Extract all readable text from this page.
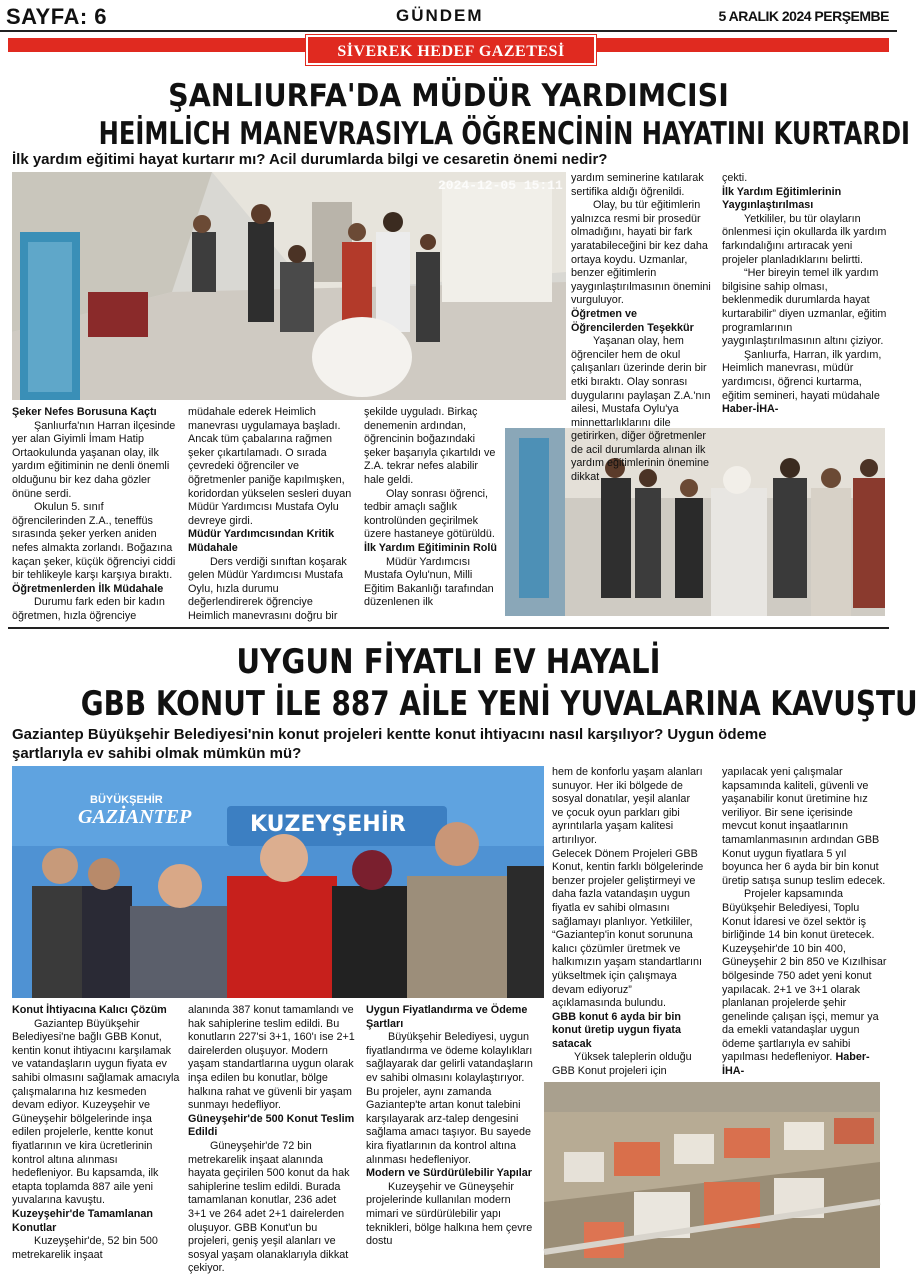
SAYFA: 6	GÜNDEM	5 ARALIK 2024 PERŞEMBE
SİVEREK HEDEF GAZETESİ
ŞANLIURFA'DA MÜDÜR YARDIMCISI
HEİMLİCH MANEVRASIYLA ÖĞRENCİNİN HAYATINI KURTARDI
İlk yardım eğitimi hayat kurtarır mı? Acil durumlarda bilgi ve cesaretin önemi nedir?
2024-12-05 15:11
Şeker Nefes Borusuna Kaçtı

Şanlıurfa'nın Harran ilçesinde yer alan Giyimli İmam Hatip Ortaokulunda yaşanan olay, ilk yardım eğitiminin ne denli önemli olduğunu bir kez daha gözler önüne serdi.

Okulun 5. sınıf öğrencilerinden Z.A., teneffüs sırasında şeker yerken aniden nefes almakta zorlandı. Boğazına kaçan şeker, küçük öğrenciyi ciddi bir tehlikeyle karşı karşıya bıraktı.

Öğretmenlerden İlk Müdahale

Durumu fark eden bir kadın öğretmen, hızla öğrenciye

müdahale ederek Heimlich manevrası uygulamaya başladı. Ancak tüm çabalarına rağmen şeker çıkartılamadı. O sırada çevredeki öğrenciler ve öğretmenler paniğe kapılmışken, koridordan yükselen sesleri duyan Müdür Yardımcısı Mustafa Oylu devreye girdi.

Müdür Yardımcısından Kritik Müdahale

Ders verdiği sınıftan koşarak gelen Müdür Yardımcısı Mustafa Oylu, hızla durumu değerlendirerek öğrenciye Heimlich manevrasını doğru bir

yardım seminerine katılarak sertifika aldığı öğrenildi.

Olay, bu tür eğitimlerin yalnızca resmi bir prosedür olmadığını, hayati bir fark yaratabileceğini bir kez daha ortaya koydu. Uzmanlar, benzer eğitimlerin yaygınlaştırılmasının önemini vurguluyor.

Öğretmen ve Öğrencilerden Teşekkür

Yaşanan olay, hem öğrenciler hem de okul çalışanları üzerinde derin bir etki bıraktı. Olay sonrası duygularını paylaşan Z.A.'nın ailesi, Mustafa Oylu'ya minnettarlıklarını dile getirirken, diğer öğretmenler de acil durumlarda alınan ilk yardım eğitimlerinin önemine dikkat

şekilde uyguladı. Birkaç denemenin ardından, öğrencinin boğazındaki şeker başarıyla çıkartıldı ve Z.A. tekrar nefes alabilir hale geldi.

Olay sonrası öğrenci, tedbir amaçlı sağlık kontrolünden geçirilmek üzere hastaneye götürüldü.

İlk Yardım Eğitiminin Rolü

Müdür Yardımcısı Mustafa Oylu'nun, Milli Eğitim Bakanlığı tarafından düzenlenen ilk

çekti.

İlk Yardım Eğitimlerinin Yaygınlaştırılması

Yetkililer, bu tür olayların önlenmesi için okullarda ilk yardım farkındalığını artıracak yeni projeler planladıklarını belirtti.

“Her bireyin temel ilk yardım bilgisine sahip olması, beklenmedik durumlarda hayat kurtarabilir” diyen uzmanlar, eğitim programlarının yaygınlaştırılmasının altını çiziyor.

Şanlıurfa, Harran, ilk yardım, Heimlich manevrası, müdür yardımcısı, öğrenci kurtarma, eğitim semineri, hayati müdahale Haber-İHA-

UYGUN FİYATLI EV HAYALİ
GBB KONUT İLE 887 AİLE YENİ YUVALARINA KAVUŞTU
Gaziantep Büyükşehir Belediyesi'nin konut projeleri kentte konut ihtiyacını nasıl karşılıyor? Uygun ödeme
şartlarıyla ev sahibi olmak mümkün mü?
BÜYÜKŞEHİR
GAZİANTEP	KUZEYŞEHİR
Konut İhtiyacına Kalıcı Çözüm

Gaziantep Büyükşehir Belediyesi'ne bağlı GBB Konut, kentin konut ihtiyacını karşılamak ve vatandaşların uygun fiyata ev sahibi olmasını sağlamak amacıyla çalışmalarına hız kesmeden devam ediyor. Kuzeyşehir ve Güneyşehir bölgelerinde inşa edilen projelerle, kentte konut fiyatlarının ve kira ücretlerinin kontrol altına alınması hedefleniyor. Bu kapsamda, ilk etapta toplamda 887 aile yeni yuvalarına kavuştu.

Kuzeyşehir'de Tamamlanan Konutlar

Kuzeyşehir'de, 52 bin 500 metrekarelik inşaat

alanında 387 konut tamamlandı ve hak sahiplerine teslim edildi. Bu konutların 227'si 3+1, 160'ı ise 2+1 dairelerden oluşuyor. Modern yaşam standartlarına uygun olarak inşa edilen bu konutlar, bölge halkına rahat ve güvenli bir yaşam sunmayı hedefliyor.

Güneyşehir'de 500 Konut Teslim Edildi

Güneyşehir'de 72 bin metrekarelik inşaat alanında hayata geçirilen 500 konut da hak sahiplerine teslim edildi. Burada tamamlanan konutlar, 236 adet 3+1 ve 264 adet 2+1 dairelerden oluşuyor. GBB Konut'un bu projeleri, geniş yeşil alanları ve sosyal yaşam olanaklarıyla dikkat çekiyor.

hem de konforlu yaşam alanları sunuyor. Her iki bölgede de sosyal donatılar, yeşil alanlar ve çocuk oyun parkları gibi ayrıntılarla yaşam kalitesi artırılıyor.

Gelecek Dönem Projeleri GBB Konut, kentin farklı bölgelerinde benzer projeler geliştirmeyi ve daha fazla vatandaşın uygun fiyatla ev sahibi olmasını sağlamayı planlıyor. Yetkililer, “Gaziantep'in konut sorununa kalıcı çözümler üretmek ve halkımızın yaşam standartlarını yükseltmek için çalışmaya devam ediyoruz” açıklamasında bulundu.

GBB konut 6 ayda bir bin konut üretip uygun fiyata satacak

Yüksek taleplerin olduğu GBB Konut projeleri için

Uygun Fiyatlandırma ve Ödeme Şartları

Büyükşehir Belediyesi, uygun fiyatlandırma ve ödeme kolaylıkları sağlayarak dar gelirli vatandaşların ev sahibi olmasını kolaylaştırıyor. Bu projeler, aynı zamanda Gaziantep'te artan konut talebini karşılayarak arz-talep dengesini sağlama amacı taşıyor. Bu sayede kira fiyatlarının da kontrol altına alınması hedefleniyor.

Modern ve Sürdürülebilir Yapılar

Kuzeyşehir ve Güneyşehir projelerinde kullanılan modern mimari ve sürdürülebilir yapı teknikleri, bölge halkına hem çevre dostu

yapılacak yeni çalışmalar kapsamında kaliteli, güvenli ve yaşanabilir konut üretimine hız veriliyor. Bir sene içerisinde mevcut konut inşaatlarının tamamlanmasının ardından GBB Konut uygun fiyatlara 5 yıl boyunca her 6 ayda bir bin konut üretip satışa sunup teslim edecek.

Projeler kapsamında Büyükşehir Belediyesi, Toplu Konut İdaresi ve özel sektör iş birliğinde 14 bin konut üretecek. Kuzeyşehir'de 10 bin 400, Güneyşehir 2 bin 850 ve Kızılhisar bölgesinde 750 adet yeni konut yapılacak. 2+1 ve 3+1 olarak planlanan projelerde şehir genelinde çalışan işçi, memur ya da emekli vatandaşlar uygun ödeme şartlarıyla ev sahibi yapılması hedefleniyor. Haber-İHA-
